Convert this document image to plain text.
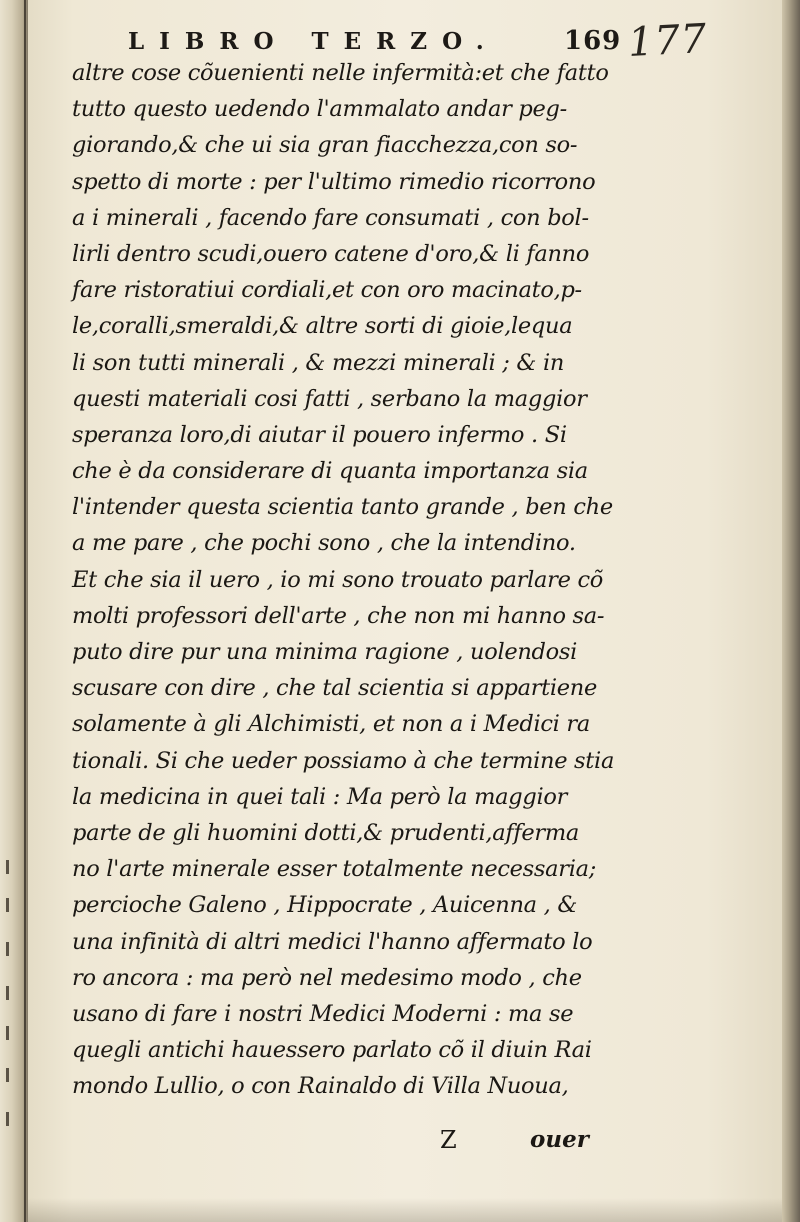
LIBRO TERZO.	169 177
altre cose cõuenienti nelle infermità:et che fatto
tutto questo uedendo l'ammalato andar peg-
giorando,& che ui sia gran fiacchezza,con so-
spetto di morte : per l'ultimo rimedio ricorrono
a i minerali , facendo fare consumati , con bol-
lirli dentro scudi,ouero catene d'oro,& li fanno
fare ristoratiui cordiali,et con oro macinato,p-
le,coralli,smeraldi,& altre sorti di gioie,lequa
li son tutti minerali , & mezzi minerali ; & in
questi materiali cosi fatti , serbano la maggior
speranza loro,di aiutar il pouero infermo . Si
che è da considerare di quanta importanza sia
l'intender questa scientia tanto grande , ben che
a me pare , che pochi sono , che la intendino.
Et che sia il uero , io mi sono trouato parlare cõ
molti professori dell'arte , che non mi hanno sa-
puto dire pur una minima ragione , uolendosi
scusare con dire , che tal scientia si appartiene
solamente à gli Alchimisti, et non a i Medici ra
tionali. Si che ueder possiamo à che termine stia
la medicina in quei tali : Ma però la maggior
parte de gli huomini dotti,& prudenti,afferma
no l'arte minerale esser totalmente necessaria;
percioche Galeno , Hippocrate , Auicenna , &
una infinità di altri medici l'hanno affermato lo
ro ancora : ma però nel medesimo modo , che
usano di fare i nostri Medici Moderni : ma se
quegli antichi hauessero parlato cõ il diuin Rai
mondo Lullio, o con Rainaldo di Villa Nuoua,
Z	ouer
